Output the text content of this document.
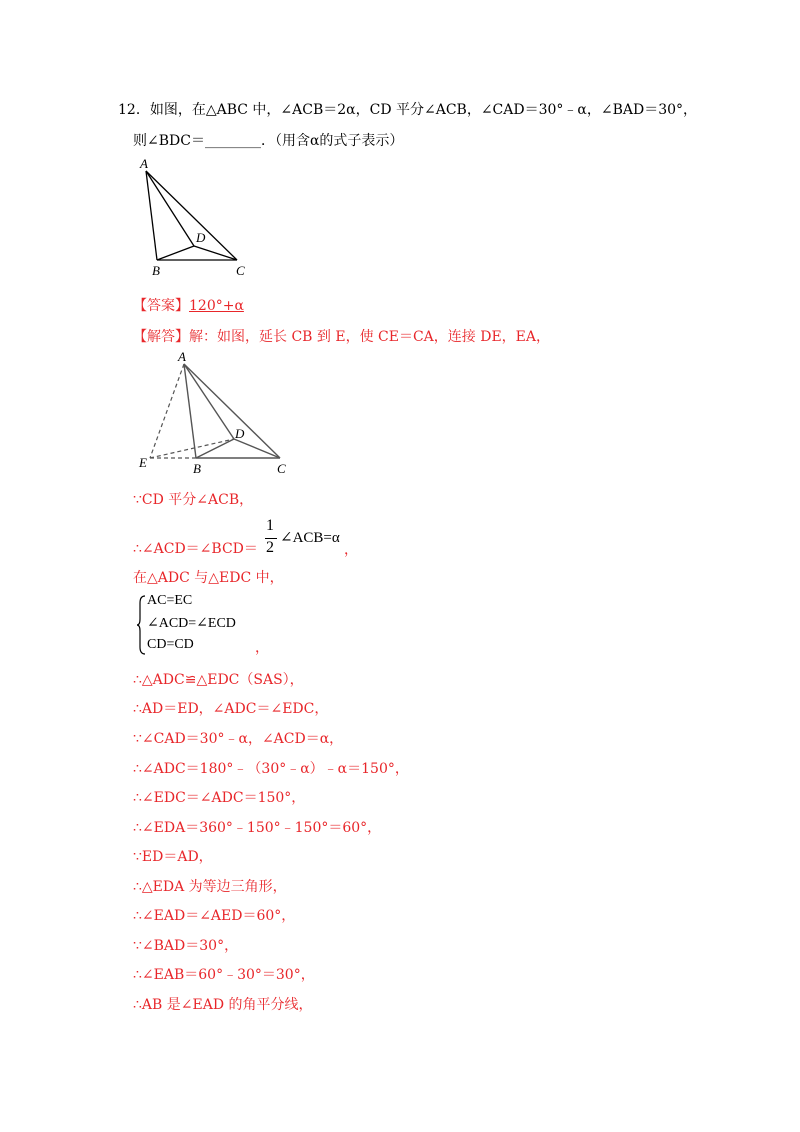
12．如图，在△ABC 中，∠ACB＝2α，CD 平分∠ACB，∠CAD＝30°﹣α，∠BAD＝30°，
则∠BDC＝________．（用含α的式子表示）
A
B	C
D
【答案】120°+α
【解答】解：如图，延长 CB 到 E，使 CE＝CA，连接 DE，EA，
A
B	C
D
E
∵CD 平分∠ACB，
∴∠ACD＝∠BCD＝
1
2
∠ACB=α
，
在△ADC 与△EDC 中，
AC=EC
∠ACD=∠ECD
CD=CD	，
∴△ADC≌△EDC（SAS），
∴AD＝ED，∠ADC＝∠EDC，
∵∠CAD＝30°﹣α，∠ACD＝α，
∴∠ADC＝180°﹣（30°﹣α）﹣α＝150°，
∴∠EDC＝∠ADC＝150°，
∴∠EDA＝360°﹣150°﹣150°＝60°，
∵ED＝AD，
∴△EDA 为等边三角形，
∴∠EAD＝∠AED＝60°，
∵∠BAD＝30°，
∴∠EAB＝60°﹣30°＝30°，
∴AB 是∠EAD 的角平分线，
